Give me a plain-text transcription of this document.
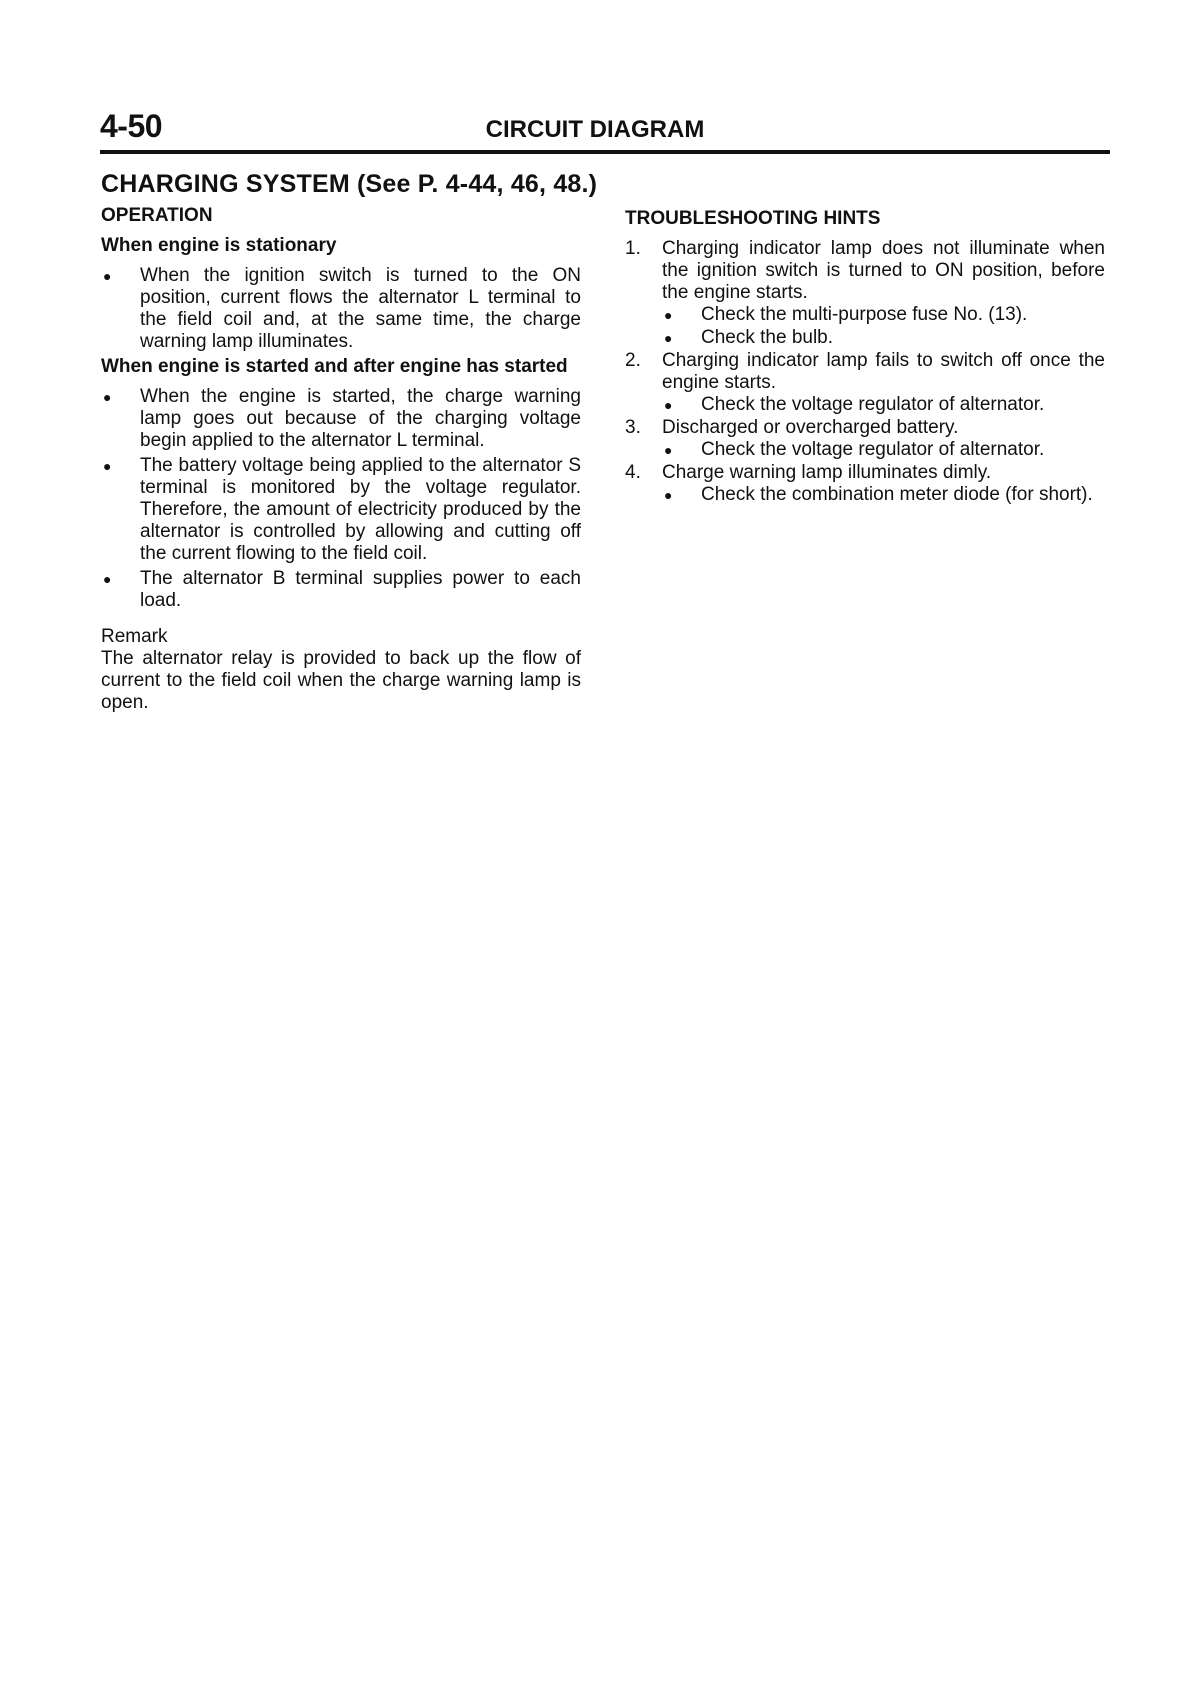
4-50	CIRCUIT DIAGRAM
CHARGING SYSTEM (See P. 4-44, 46, 48.)
OPERATION
When engine is stationary
●	When the ignition switch is turned to the ON position, current flows the alternator L terminal to the field coil and, at the same time, the charge warning lamp illuminates.
When engine is started and after engine has started
●	When the engine is started, the charge warning lamp goes out because of the charging voltage begin applied to the alternator L terminal.
●	The battery voltage being applied to the alternator S terminal is monitored by the voltage regulator. Therefore, the amount of electricity produced by the alternator is controlled by allowing and cutting off the current flowing to the field coil.
●	The alternator B terminal supplies power to each load.
Remark
The alternator relay is provided to back up the flow of current to the field coil when the charge warning lamp is open.
TROUBLESHOOTING HINTS
1.	Charging indicator lamp does not illuminate when the ignition switch is turned to ON position, before the engine starts.
●	Check the multi-purpose fuse No. (13).
●	Check the bulb.
2.	Charging indicator lamp fails to switch off once the engine starts.
●	Check the voltage regulator of alternator.
3.	Discharged or overcharged battery.
●	Check the voltage regulator of alternator.
4.	Charge warning lamp illuminates dimly.
●	Check the combination meter diode (for short).
